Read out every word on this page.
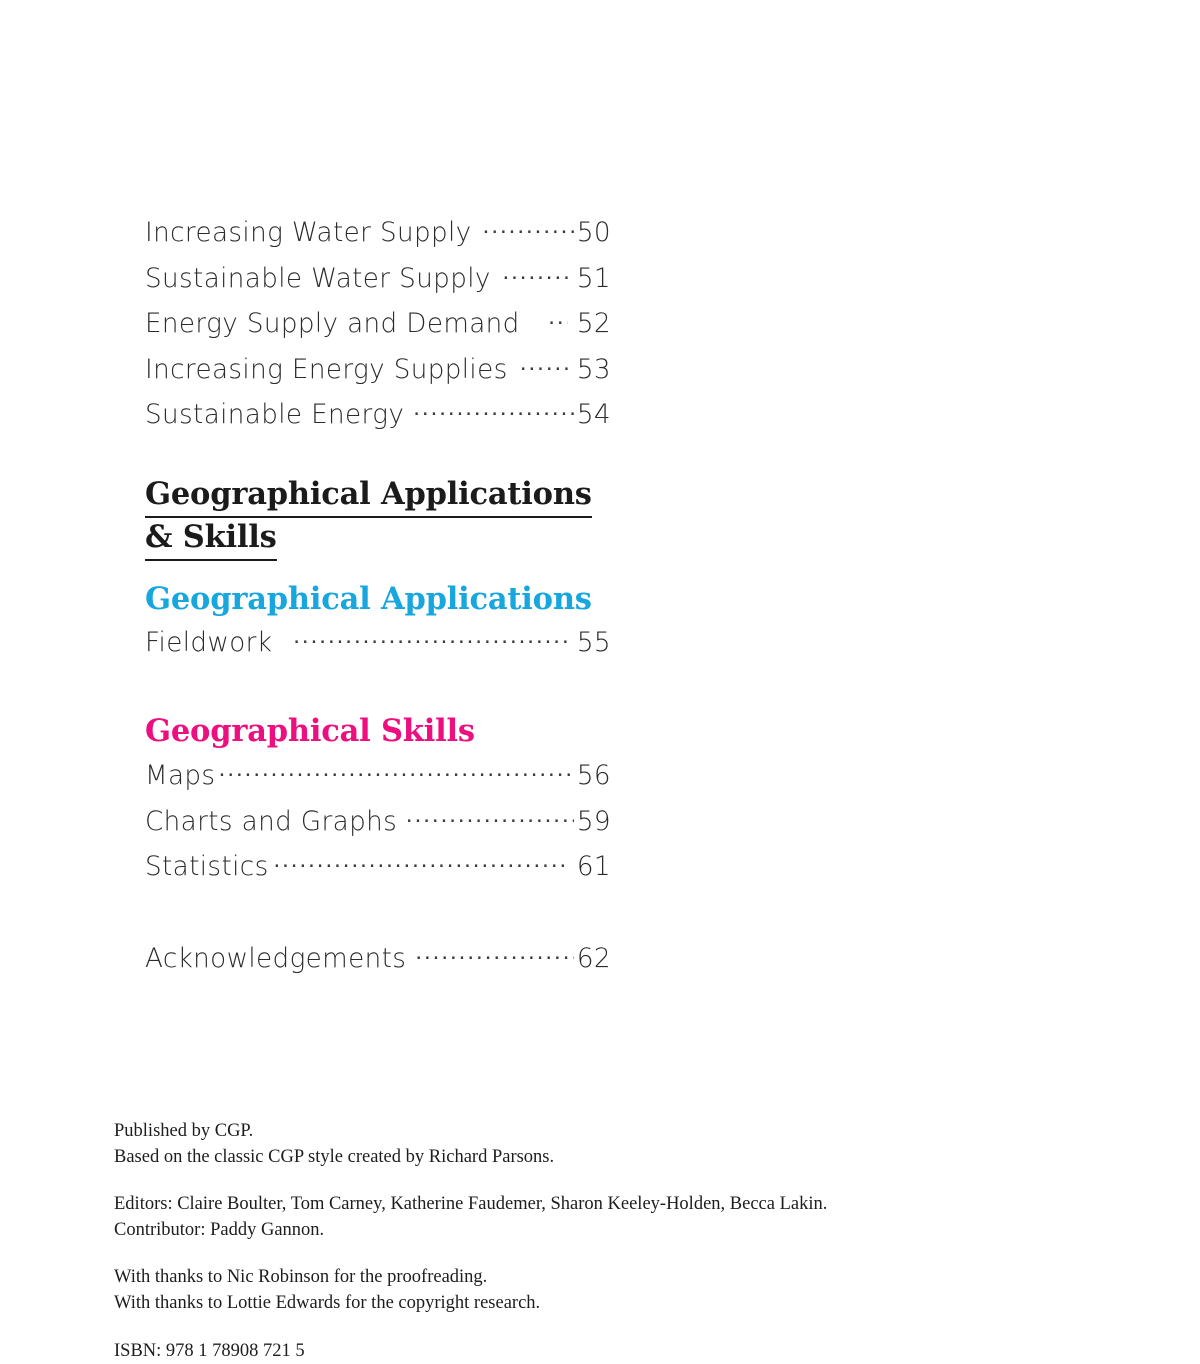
Increasing Water Supply .....	50
Sustainable Water Supply .....	51
Energy Supply and Demand ..... 52
Increasing Energy Supplies .....	53
Sustainable Energy .....	54
Geographical Applications
& Skills
Geographical Applications
Fieldwork .....	55
Geographical Skills
Maps .....	56
Charts and Graphs .....	59
Statistics .....	61
Acknowledgements .....	62

Published by CGP.
Based on the classic CGP style created by Richard Parsons.

Editors: Claire Boulter, Tom Carney, Katherine Faudemer, Sharon Keeley-Holden, Becca Lakin.
Contributor: Paddy Gannon.

With thanks to Nic Robinson for the proofreading.
With thanks to Lottie Edwards for the copyright research.

ISBN: 978 1 78908 721 5
